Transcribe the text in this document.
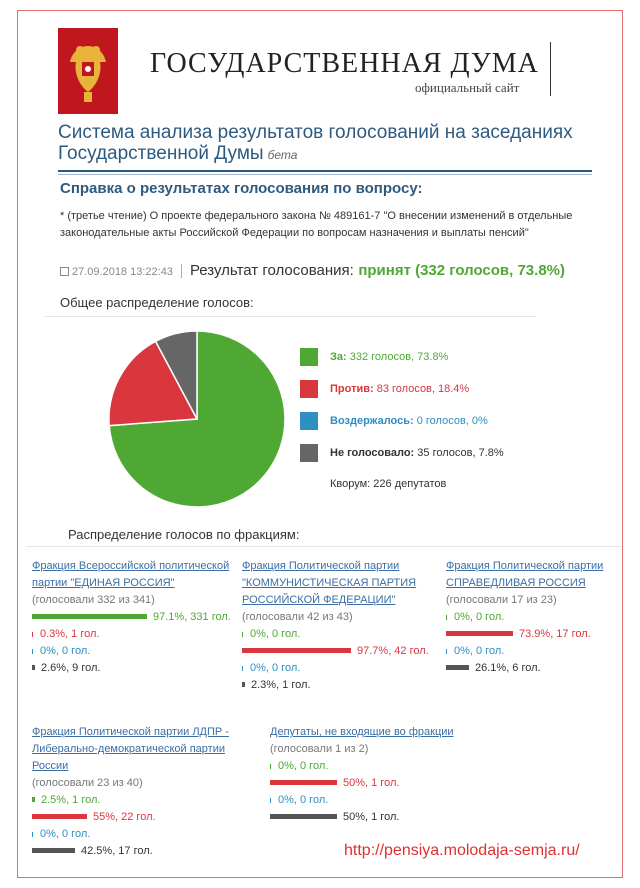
ГОСУДАРСТВЕННАЯ ДУМА
официальный сайт
Система анализа результатов голосований на заседаниях Государственной Думы бета
Справка о результатах голосования по вопросу:
* (третье чтение) О проекте федерального закона № 489161-7 "О внесении изменений в отдельные законодательные акты Российской Федерации по вопросам назначения и выплаты пенсий"
27.09.2018 13:22:43 Результат голосования: принят (332 голосов, 73.8%)
Общее распределение голосов:
Не голосовало: 35 голосов, 7.8%
Воздержалось: 0 голосов, 0%
Против: 83 голосов, 18.4%
За: 332 голосов, 73.8%
Кворум: 226 депутатов
Распределение голосов по фракциям:
Фракция Всероссийской политической партии "ЕДИНАЯ РОССИЯ"
(голосовали 332 из 341)
97.1%, 331 гол.
0.3%, 1 гол.
0%, 0 гол.
2.6%, 9 гол.
Фракция Политической партии "КОММУНИСТИЧЕСКАЯ ПАРТИЯ РОССИЙСКОЙ ФЕДЕРАЦИИ"
(голосовали 42 из 43)
0%, 0 гол.
97.7%, 42 гол.
0%, 0 гол.
2.3%, 1 гол.
Фракция Политической партии СПРАВЕДЛИВАЯ РОССИЯ
(голосовали 17 из 23)
0%, 0 гол.
73.9%, 17 гол.
0%, 0 гол.
26.1%, 6 гол.
Фракция Политической партии ЛДПР - Либерально-демократической партии России
(голосовали 23 из 40)
2.5%, 1 гол.
55%, 22 гол.
0%, 0 гол.
42.5%, 17 гол.
Депутаты, не входящие во фракции
(голосовали 1 из 2)
0%, 0 гол.
50%, 1 гол.
0%, 0 гол.
50%, 1 гол.
http://pensiya.molodaja-semja.ru/
